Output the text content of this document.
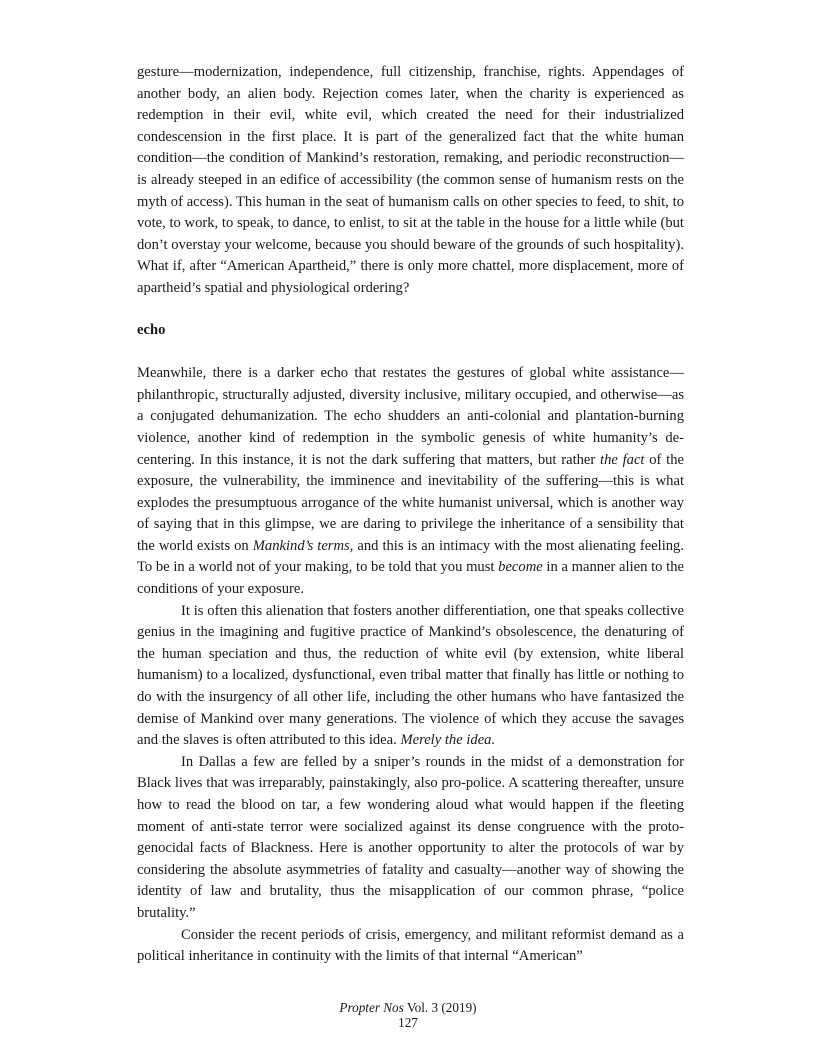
gesture—modernization, independence, full citizenship, franchise, rights. Appendages of another body, an alien body. Rejection comes later, when the charity is experienced as redemption in their evil, white evil, which created the need for their industrialized condescension in the first place. It is part of the generalized fact that the white human condition—the condition of Mankind’s restoration, remaking, and periodic reconstruction—is already steeped in an edifice of accessibility (the common sense of humanism rests on the myth of access). This human in the seat of humanism calls on other species to feed, to shit, to vote, to work, to speak, to dance, to enlist, to sit at the table in the house for a little while (but don’t overstay your welcome, because you should beware of the grounds of such hospitality). What if, after “American Apartheid,” there is only more chattel, more displacement, more of apartheid’s spatial and physiological ordering?

echo

Meanwhile, there is a darker echo that restates the gestures of global white assistance—philanthropic, structurally adjusted, diversity inclusive, military occupied, and otherwise—as a conjugated dehumanization. The echo shudders an anti-colonial and plantation-burning violence, another kind of redemption in the symbolic genesis of white humanity’s de-centering. In this instance, it is not the dark suffering that matters, but rather the fact of the exposure, the vulnerability, the imminence and inevitability of the suffering—this is what explodes the presumptuous arrogance of the white humanist universal, which is another way of saying that in this glimpse, we are daring to privilege the inheritance of a sensibility that the world exists on Mankind’s terms, and this is an intimacy with the most alienating feeling. To be in a world not of your making, to be told that you must become in a manner alien to the conditions of your exposure.

It is often this alienation that fosters another differentiation, one that speaks collective genius in the imagining and fugitive practice of Mankind’s obsolescence, the denaturing of the human speciation and thus, the reduction of white evil (by extension, white liberal humanism) to a localized, dysfunctional, even tribal matter that finally has little or nothing to do with the insurgency of all other life, including the other humans who have fantasized the demise of Mankind over many generations. The violence of which they accuse the savages and the slaves is often attributed to this idea. Merely the idea.

In Dallas a few are felled by a sniper’s rounds in the midst of a demonstration for Black lives that was irreparably, painstakingly, also pro-police. A scattering thereafter, unsure how to read the blood on tar, a few wondering aloud what would happen if the fleeting moment of anti-state terror were socialized against its dense congruence with the proto-genocidal facts of Blackness. Here is another opportunity to alter the protocols of war by considering the absolute asymmetries of fatality and casualty—another way of showing the identity of law and brutality, thus the misapplication of our common phrase, “police brutality.”

Consider the recent periods of crisis, emergency, and militant reformist demand as a political inheritance in continuity with the limits of that internal “American”

Propter Nos Vol. 3 (2019)
127
